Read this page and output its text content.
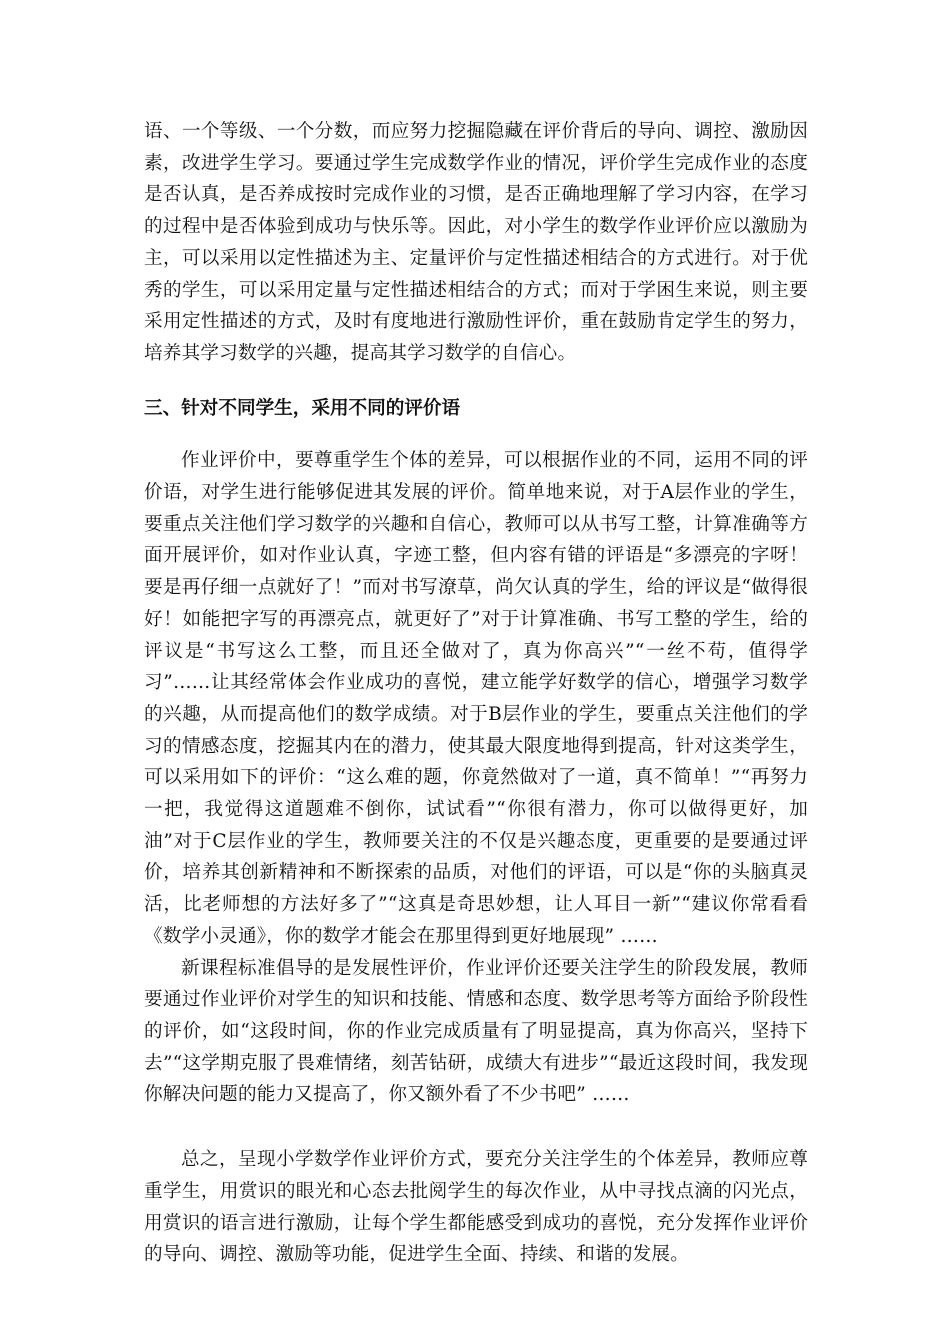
语、一个等级、一个分数，而应努力挖掘隐藏在评价背后的导向、调控、激励因素，改进学生学习。要通过学生完成数学作业的情况，评价学生完成作业的态度是否认真，是否养成按时完成作业的习惯，是否正确地理解了学习内容，在学习的过程中是否体验到成功与快乐等。因此，对小学生的数学作业评价应以激励为主，可以采用以定性描述为主、定量评价与定性描述相结合的方式进行。对于优秀的学生，可以采用定量与定性描述相结合的方式；而对于学困生来说，则主要采用定性描述的方式，及时有度地进行激励性评价，重在鼓励肯定学生的努力，培养其学习数学的兴趣，提高其学习数学的自信心。

三、针对不同学生，采用不同的评价语

作业评价中，要尊重学生个体的差异，可以根据作业的不同，运用不同的评价语，对学生进行能够促进其发展的评价。简单地来说，对于A层作业的学生，要重点关注他们学习数学的兴趣和自信心，教师可以从书写工整，计算准确等方面开展评价，如对作业认真，字迹工整，但内容有错的评语是“多漂亮的字呀！要是再仔细一点就好了！”而对书写潦草，尚欠认真的学生，给的评议是“做得很好！如能把字写的再漂亮点，就更好了”对于计算准确、书写工整的学生，给的评议是“书写这么工整，而且还全做对了，真为你高兴”“一丝不苟，值得学习”……让其经常体会作业成功的喜悦，建立能学好数学的信心，增强学习数学的兴趣，从而提高他们的数学成绩。对于B层作业的学生，要重点关注他们的学习的情感态度，挖掘其内在的潜力，使其最大限度地得到提高，针对这类学生，可以采用如下的评价：“这么难的题，你竟然做对了一道，真不简单！”“再努力一把，我觉得这道题难不倒你，试试看”“你很有潜力，你可以做得更好，加油”对于C层作业的学生，教师要关注的不仅是兴趣态度，更重要的是要通过评价，培养其创新精神和不断探索的品质，对他们的评语，可以是“你的头脑真灵活，比老师想的方法好多了”“这真是奇思妙想，让人耳目一新”“建议你常看看《数学小灵通》，你的数学才能会在那里得到更好地展现” ……

新课程标准倡导的是发展性评价，作业评价还要关注学生的阶段发展，教师要通过作业评价对学生的知识和技能、情感和态度、数学思考等方面给予阶段性的评价，如“这段时间，你的作业完成质量有了明显提高，真为你高兴，坚持下去”“这学期克服了畏难情绪，刻苦钻研，成绩大有进步”“最近这段时间，我发现你解决问题的能力又提高了，你又额外看了不少书吧” ……

总之，呈现小学数学作业评价方式，要充分关注学生的个体差异，教师应尊重学生，用赏识的眼光和心态去批阅学生的每次作业，从中寻找点滴的闪光点，用赏识的语言进行激励，让每个学生都能感受到成功的喜悦，充分发挥作业评价的导向、调控、激励等功能，促进学生全面、持续、和谐的发展。
